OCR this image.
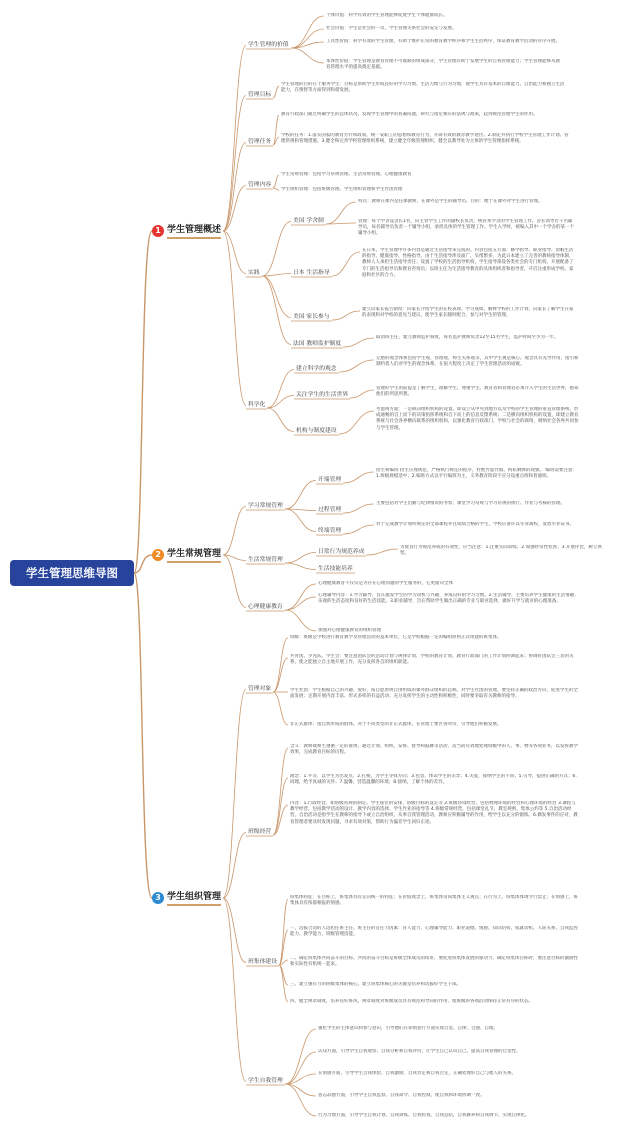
学生管理思维导图
1 学生管理概述
2 学生常规管理
3 学生组织管理
学生管理的价值
个体价值：科学有效的学生管理能够促使学生个体健康成长。
社会价值：学生是社会的一员，学生管理关系社会的安定与发展。
工具性价值：科学有效的学生管理，有助于维护正常的教育教学秩序和学生生活秩序，保证教育教学活动的有序开展。
本体性价值：学生管理是教育管理不可或缺的组成部分，学生管理有助于发展学生的自我管理能力；学生管理能够从教育管理水平的提高奠定基础。
管理目标
学生管理的目的在于服务学生：目标是帮助学生形成良好的学习习惯、生活习惯与行为习惯，使学生具有基本的自理能力、自治能力和独立生活能力，在情智等方面得到和谐发展。
管理任务
教育行政部门通过明确学生的总体状况，发现学生管理中的普遍问题，研究与指定相应的法规与政策，起到规范管理学生的作用。
学校的任务：1.落实国家的教育方针和政策，统一安职工的思想和教育行为，开辟有效的教育教学途径。2.制定并执行学校学生管理工作计划、管理常规和管理措施。3.健全和完善学校管理组织系统，建立健全年级管理组织，健全以教导处为主体的学生管理指挥系统。
管理内容
学生常规管理：包括学习常规管理、生活常规管理、心理健康教育
学生组织管理：包括班级管理、学生组织管理和学生社团管理
实践
美国 学舍制
特点：教师在课内是任课教师，在课外是学生的辅导员。目的：便于在课外对学生进行管理。
管理：每个学舍设舍长1名，向主管学生工作的副校长负责，统管本学舍的学生管理工作。舍长领导若干名辅导员，每名辅导员负责一个辅导小组，承担具体的学生管理工作。学生入学时，被编入其中一个学舍的某一个辅导小组。
日本 生活指导
在日本，学生管理中许多内容是通过生活指导来完成的。内容包括五方面：修学指导、职业指导、余暇生活的指导、健康指导、性格指导。由于生活指导涉及面广，头绪繁多，为此日本建立了完善的教师指导体制，教师人人承担生活指导责任；设置了学校的生活指导机构，学生指导部设各类社会的专门机构，开展配备了专门的生活指导员和教育咨询员；以班主任为生活指导教育的具体组织者和指导者，开启注重形成学校、家庭和社区的合力。
美国 家长参与
建立向家长报告制度：向家长介绍学生的在校表现、学习成绩，解释学校的工作计划，向家长了解学生在家的表现和对学校的意见与建议，使学生家长随时配合、参与对学生的管理。
法国 教师监护制度
取消班主任，建立教师监护制度，每名监护教师负责12至15名学生，监护时间至少为一年。
科学化
建立科学的观念
完整的观念体系包括学生观、管理观、师生关系观等，其中学生观是核心。观念具有先导作用，指引和制约着人们对学生的观念体系，在很大程度上决定了学生管理活动的成败。
关注学生的生活世界
管理好学生的前提是了解学生，理解学生，尊重学生。教育者和管理者必须介入学生的生活世界，感知他们的所思所想。
机构与制度建设
考虑两方面：一是纵向组织机构的设置。即设立从中央到地方以及学校的学生管理的垂直管理系统，形成通畅的自上而下的决策指挥系统和自下而上的信息反馈系统；二是横向组织机构的设置，即建立教育系统与社会各界横向联系的组织机构，以强化教育行政部门、学校与社会的联络，吸纳社会各界共同参与学生管理。
学习常规管理
开端管理
招生和编班 招生应理规范，严格执行规定的程序，杜绝弄虚作假、徇私舞弊的现象。 编班需要注意：1.班级规模适中；2.编班方式以平行编班为主，义务教育阶段不应分设重点班和普通班。
过程管理
主要包括对学生出勤与纪律情况的考察，课堂学习常规与学习常规的执行、作业与考核的管理。
终端管理
对于完成教学计划所规定的全部课程并且成绩合格的学生，学校应准许其毕业离校，发放毕业证书。
生活常规管理
日常行为规范养成
为使良行为规范养成的有效性，应当注意：1.注重实际训练；2.加强经常性检查；3.开展评比，树立典型。
生活技能培养
心理健康教育
心理健康教育不仅仅是为存在心理问题的学生服务的，它更面向全体
心理辅导内容：1.学习辅导，旨在激发学生的学习动机与兴趣，养成良好的学习习惯。2.生活辅导，主要培养学生健康的生活情趣、乐观的生活态度和良好的生活技能。3.职业辅导，旨在帮助学生做出正确的专业与职业选择，做好升学与就业的心理准备。
加强对心理健康教育的组织管理
管理对象
班级：班级是学校进行教育教学及管理活动的基本单位，它是学校根据一定的编组原则正式组建的班集体。
共青团、少先队、学生会：要注意团队会的活动计划与规律计划、学校的教育计划、教育行政部门的工作计划协调起来；协调好团队会三者的关系，使之能独立自主地开展工作，充分发挥各自的组织职能。
学生社团：学生根据自己的兴趣、爱好，按自愿原则自由组成的课外群众组织的总称。对学生社团的管理，要坚持正确的政治方向，促进学生的全面发展；定期开展内容丰富、形式多样的有益活动；充分发挥学生的主动性和积极性，同时要争取有关教师的指导。
非正式群体：指自然形成的群体。对于不同类型的非正式群体，在管理上要区别对待，引导他们积极发展。
班级经营
含义：教师或师生遵循一定的准则，通过计划、组织、安排、督导和鼓舞等活动，适当而有效地处理班级中的人、事、物等各项业务，以发挥教学效果，完成教育目标的历程。
理念：1.平等，以学生为出发点；2.扎根，为学生寻找方向；3.包容，体谅学生的差异；4.关爱，接纳学生的不同；5.引导，提供正确的方式；6.同理，给予真诚的关怀；7.温馨，营造温馨的环境；8.接纳，了解个体的差异。
内容：1.行政经营，如班级常规的制定、学生座位的安排、班级目标的设定等 2.班级环境经营，包括物理环境的经营和心理环境的经营 3.课程与教学经营，包括教学活动的设计、教学内容的选择、学生作业的指导等 4.班级常规经营，包括课堂礼节、教室规则、集体公约等 5.自治活动经营，自治活动是指学生在教师的指导下或立自治组织，从事自我管理活动，教师应积极辅导的作用，给学生以充分的锻炼。6.偶发事件的应对，教育管理者要及时发现问题，寻求有效对策，帮助行为偏差学生回归正途。
班集体建设
班集体特征：在目标上，班集体具有定向统一的特征；在价值观念上，班集体崇尚集体主义观点；在行为上，班集体体现令行禁止；在情感上，班集体具有浓郁相报的情感。
一、选拔合适的人选担任班主任。班主任的首任力因素：育人能力、心理辅导能力、职业道德、情感、知识结构、成就动机、人际关系、自我监控能力、教学能力、班级管理技能。
二、确定班集体共同奋斗的目标。共同的奋斗目标是班级全体成员的纽带，要促进班集体发展的驱动力。确定班集体目标时，要注意目标的激励性和实际性有机统一起来。
三、建立强有力的班级集体的核心。建立班集体核心的关键是培养和选拔好学生干部。
四、健全规章制度，培养良好班风。规章制度对班级成员具有规范和导向的作用，使班级的各项活动保持正常有序的状态。
学生自我管理
强化学生的主体意识和参与意识，引导他们在知情意行方面实现自觉、自律、自强、自理。
认知方面，引导学生自我观察、自我分析和自我评价，让学生自己认识自己，提高自我管理的自觉性。
在情感方面，引导学生自我体验、自我激励、自我肯定和自我否定，正确处理好自己与他人的关系。
意志品德方面，引导学生自我监督、自我命令、自我控制，使自我和环境协调一致。
行为习惯方面，引导学生自我计划、自我训练、自我检查、自我总结，自我修养和自我调节，实现自律化。
